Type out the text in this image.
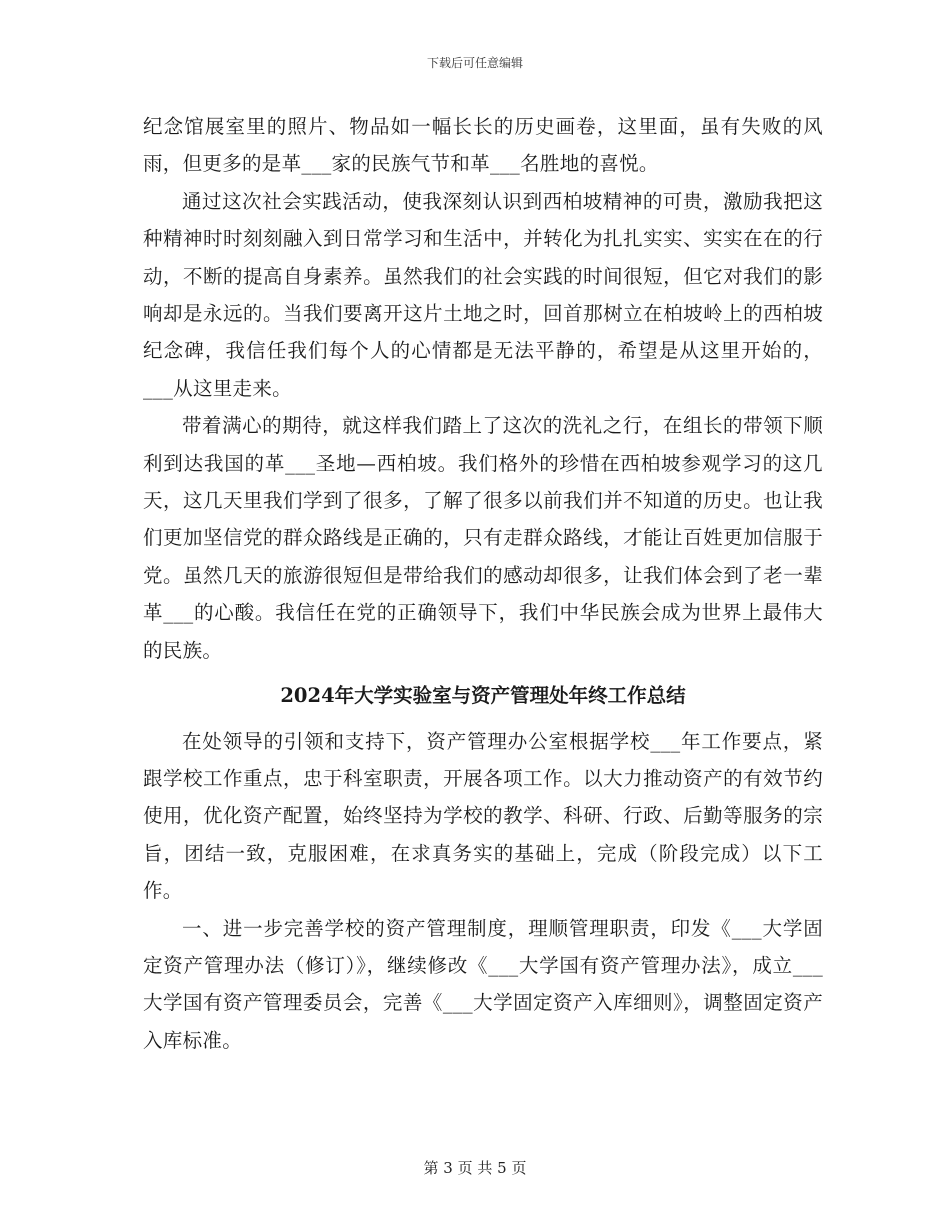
下载后可任意编辑

纪念馆展室里的照片、物品如一幅长长的历史画卷，这里面，虽有失败的风雨，但更多的是革___家的民族气节和革___名胜地的喜悦。

通过这次社会实践活动，使我深刻认识到西柏坡精神的可贵，激励我把这种精神时时刻刻融入到日常学习和生活中，并转化为扎扎实实、实实在在的行动，不断的提高自身素养。虽然我们的社会实践的时间很短，但它对我们的影响却是永远的。当我们要离开这片土地之时，回首那树立在柏坡岭上的西柏坡纪念碑，我信任我们每个人的心情都是无法平静的，希望是从这里开始的，___从这里走来。

带着满心的期待，就这样我们踏上了这次的洗礼之行，在组长的带领下顺利到达我国的革___圣地—西柏坡。我们格外的珍惜在西柏坡参观学习的这几天，这几天里我们学到了很多，了解了很多以前我们并不知道的历史。也让我们更加坚信党的群众路线是正确的，只有走群众路线，才能让百姓更加信服于党。虽然几天的旅游很短但是带给我们的感动却很多，让我们体会到了老一辈革___的心酸。我信任在党的正确领导下，我们中华民族会成为世界上最伟大的民族。

2024年大学实验室与资产管理处年终工作总结

在处领导的引领和支持下，资产管理办公室根据学校___年工作要点，紧跟学校工作重点，忠于科室职责，开展各项工作。以大力推动资产的有效节约使用，优化资产配置，始终坚持为学校的教学、科研、行政、后勤等服务的宗旨，团结一致，克服困难，在求真务实的基础上，完成（阶段完成）以下工作。

一、进一步完善学校的资产管理制度，理顺管理职责，印发《___大学固定资产管理办法（修订）》，继续修改《___大学国有资产管理办法》，成立___大学国有资产管理委员会，完善《___大学固定资产入库细则》，调整固定资产入库标准。

第 3 页 共 5 页
